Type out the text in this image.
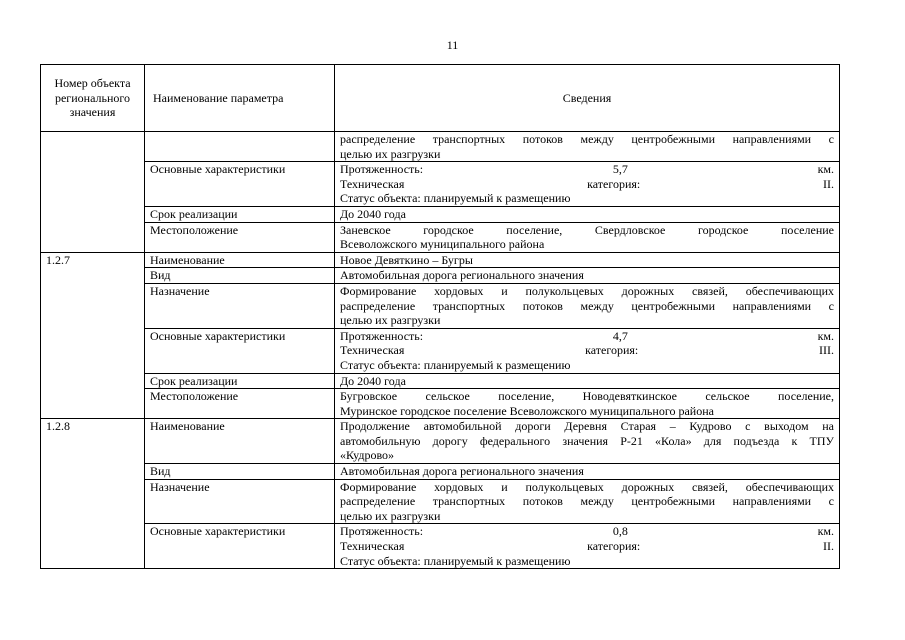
11
Номер объекта регионального значения	Наименование параметра	Сведения

		распределение транспортных потоков между центробежными направлениями с
целью их разгрузки

	Основные характеристики	Протяженность: 5,7 км.
Техническая категория: II.
Статус объекта: планируемый к размещению

	Срок реализации	До 2040 года

	Местоположение	Заневское городское поселение, Свердловское городское поселение
Всеволожского муниципального района

1.2.7	Наименование	Новое Девяткино – Бугры

	Вид	Автомобильная дорога регионального значения

	Назначение	Формирование хордовых и полукольцевых дорожных связей, обеспечивающих
распределение транспортных потоков между центробежными направлениями с
целью их разгрузки

	Основные характеристики	Протяженность: 4,7 км.
Техническая категория: III.
Статус объекта: планируемый к размещению

	Срок реализации	До 2040 года

	Местоположение	Бугровское сельское поселение, Новодевяткинское сельское поселение,
Муринское городское поселение Всеволожского муниципального района

1.2.8	Наименование	Продолжение автомобильной дороги Деревня Старая – Кудрово с выходом на
автомобильную дорогу федерального значения Р-21 «Кола» для подъезда к ТПУ
«Кудрово»

	Вид	Автомобильная дорога регионального значения

	Назначение	Формирование хордовых и полукольцевых дорожных связей, обеспечивающих
распределение транспортных потоков между центробежными направлениями с
целью их разгрузки

	Основные характеристики	Протяженность: 0,8 км.
Техническая категория: II.
Статус объекта: планируемый к размещению
